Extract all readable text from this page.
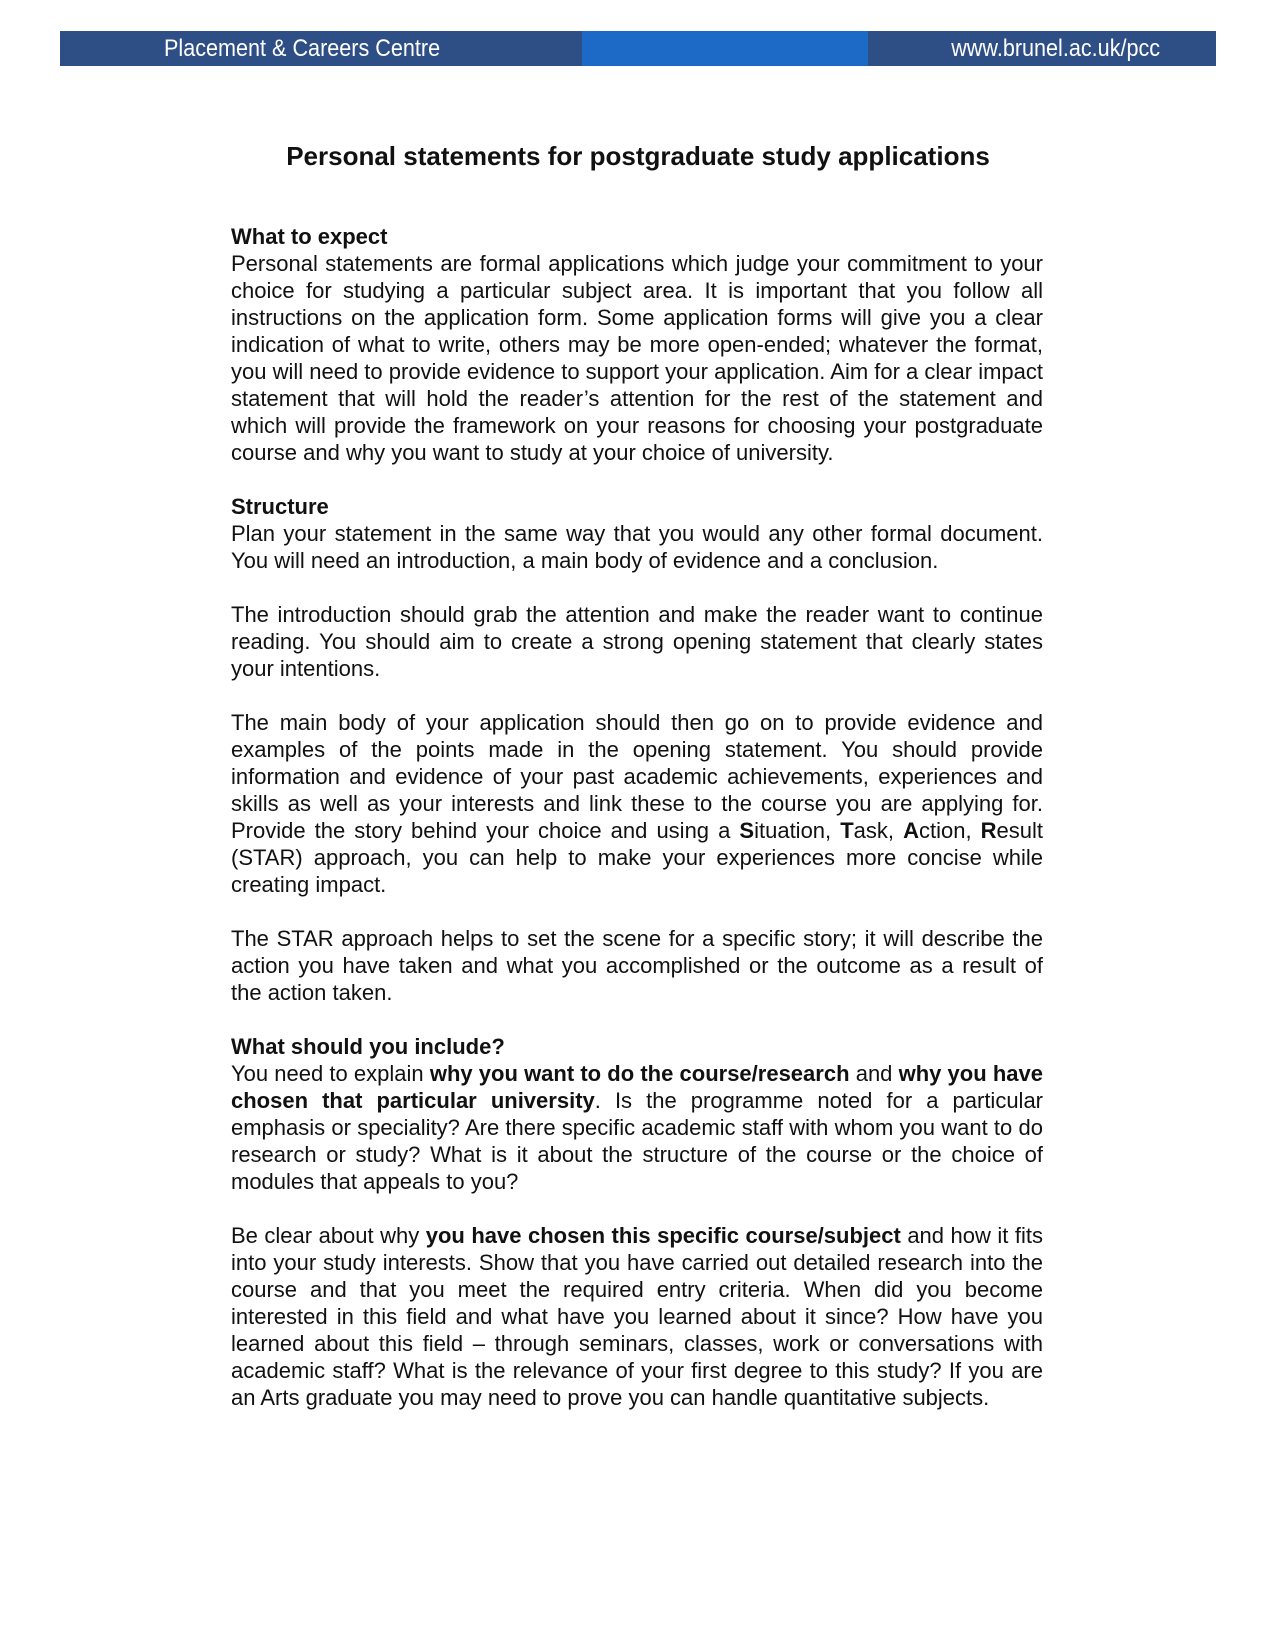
Placement & Careers Centre	www.brunel.ac.uk/pcc
Personal statements for postgraduate study applications
What to expect

Personal statements are formal applications which judge your commitment to your choice for studying a particular subject area. It is important that you follow all instructions on the application form. Some application forms will give you a clear indication of what to write, others may be more open-ended; whatever the format, you will need to provide evidence to support your application. Aim for a clear impact statement that will hold the reader’s attention for the rest of the statement and which will provide the framework on your reasons for choosing your postgraduate course and why you want to study at your choice of university.

Structure

Plan your statement in the same way that you would any other formal document. You will need an introduction, a main body of evidence and a conclusion.

The introduction should grab the attention and make the reader want to continue reading. You should aim to create a strong opening statement that clearly states your intentions.

The main body of your application should then go on to provide evidence and examples of the points made in the opening statement. You should provide information and evidence of your past academic achievements, experiences and skills as well as your interests and link these to the course you are applying for. Provide the story behind your choice and using a Situation, Task, Action, Result (STAR) approach, you can help to make your experiences more concise while creating impact.

The STAR approach helps to set the scene for a specific story; it will describe the action you have taken and what you accomplished or the outcome as a result of the action taken.

What should you include?

You need to explain why you want to do the course/research and why you have chosen that particular university. Is the programme noted for a particular emphasis or speciality? Are there specific academic staff with whom you want to do research or study? What is it about the structure of the course or the choice of modules that appeals to you?

Be clear about why you have chosen this specific course/subject and how it fits into your study interests. Show that you have carried out detailed research into the course and that you meet the required entry criteria. When did you become interested in this field and what have you learned about it since? How have you learned about this field – through seminars, classes, work or conversations with academic staff? What is the relevance of your first degree to this study? If you are an Arts graduate you may need to prove you can handle quantitative subjects.
